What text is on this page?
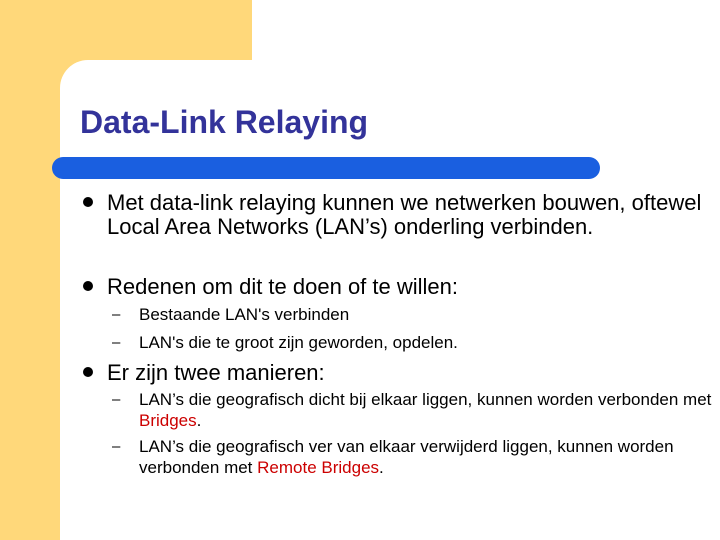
Data-Link Relaying
Met data-link relaying kunnen we netwerken bouwen, oftewel Local Area Networks (LAN’s) onderling verbinden.
Redenen om dit te doen of te willen:
– Bestaande LAN's verbinden
– LAN's die te groot zijn geworden, opdelen.
Er zijn twee manieren:
– LAN’s die geografisch dicht bij elkaar liggen, kunnen worden verbonden met Bridges.
– LAN’s die geografisch ver van elkaar verwijderd liggen, kunnen worden verbonden met Remote Bridges.
